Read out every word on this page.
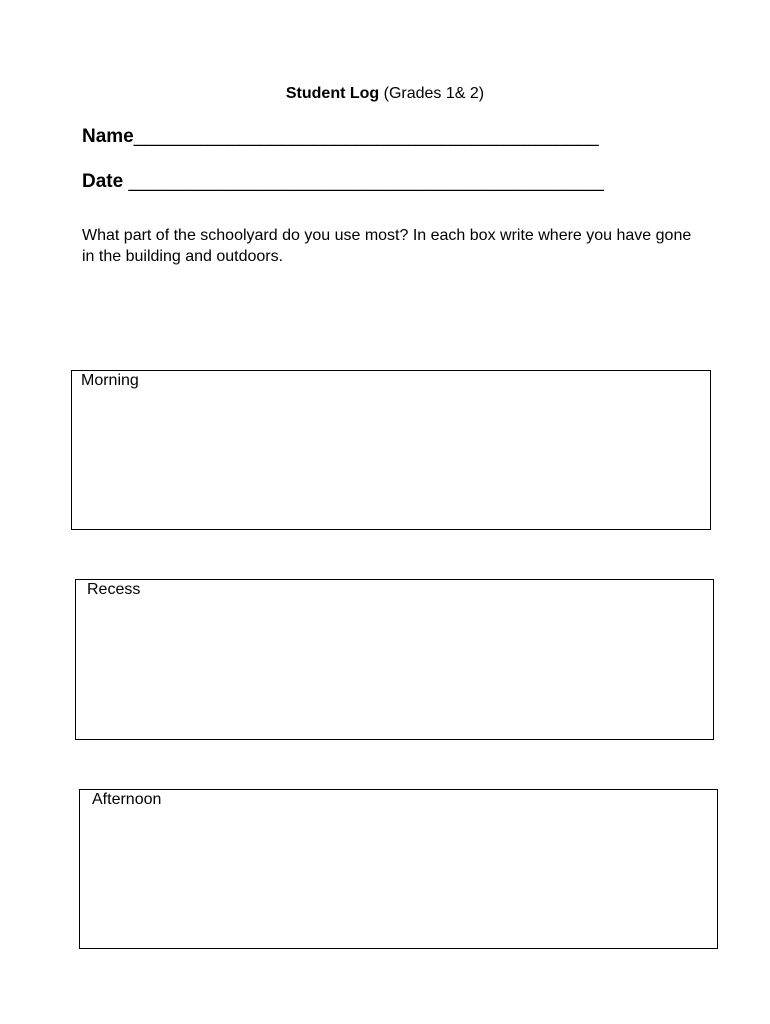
Student Log (Grades 1& 2)
Name____________________________________________
Date _____________________________________________
What part of the schoolyard do you use most? In each box write where you have gone in the building and outdoors.
Morning
Recess
Afternoon
